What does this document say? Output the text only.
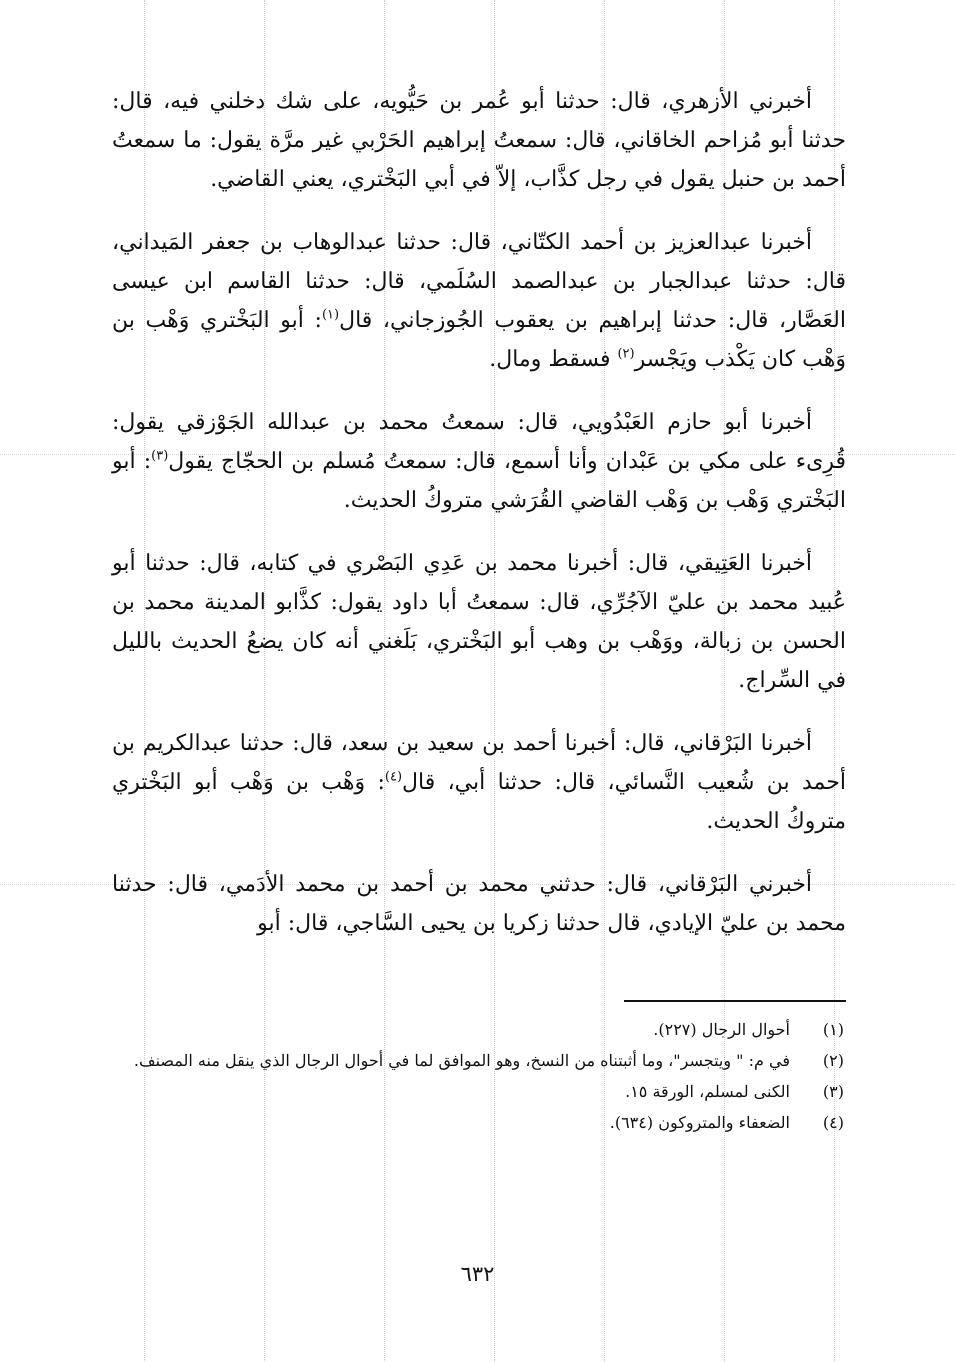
أخبرني الأزهري، قال: حدثنا أبو عُمر بن حَيُّويه، على شك دخلني فيه، قال: حدثنا أبو مُزاحم الخاقاني، قال: سمعتُ إبراهيم الحَرْبي غير مرَّة يقول: ما سمعتُ أحمد بن حنبل يقول في رجل كذَّاب، إلاّ في أبي البَخْتري، يعني القاضي.

أخبرنا عبدالعزيز بن أحمد الكتّاني، قال: حدثنا عبدالوهاب بن جعفر المَيداني، قال: حدثنا عبدالجبار بن عبدالصمد السُلَمي، قال: حدثنا القاسم ابن عيسى العَصَّار، قال: حدثنا إبراهيم بن يعقوب الجُوزجاني، قال$^{(١)}$: أبو البَخْتري وَهْب بن وَهْب كان يَكْذب ويَجْسر$^{(٢)}$ فسقط ومال.

أخبرنا أبو حازم العَبْدُويي، قال: سمعتُ محمد بن عبدالله الجَوْزقي يقول: قُرِىء على مكي بن عَبْدان وأنا أسمع، قال: سمعتُ مُسلم بن الحجّاج يقول$^{(٣)}$: أبو البَخْتري وَهْب بن وَهْب القاضي القُرَشي متروكُ الحديث.

أخبرنا العَتِيقي، قال: أخبرنا محمد بن عَدِي البَصْري في كتابه، قال: حدثنا أبو عُبيد محمد بن عليّ الآجُرِّي، قال: سمعتُ أبا داود يقول: كذَّابو المدينة محمد بن الحسن بن زبالة، ووَهْب بن وهب أبو البَخْتري، بَلَغني أنه كان يضعُ الحديث بالليل في السِّراج.

أخبرنا البَرْقاني، قال: أخبرنا أحمد بن سعيد بن سعد، قال: حدثنا عبدالكريم بن أحمد بن شُعيب النَّسائي، قال: حدثنا أبي، قال$^{(٤)}$: وَهْب بن وَهْب أبو البَخْتري متروكُ الحديث.

أخبرني البَرْقاني، قال: حدثني محمد بن أحمد بن محمد الأدَمي، قال: حدثنا محمد بن عليّ الإيادي، قال حدثنا زكريا بن يحيى السَّاجي، قال: أبو

(١)
أحوال الرجال (٢٢٧).
(٢)
في م: " ويتجسر"، وما أثبتناه من النسخ، وهو الموافق لما في أحوال الرجال الذي ينقل منه المصنف.
(٣)
الكنى لمسلم، الورقة ١٥.
(٤)
الضعفاء والمتروكون (٦٣٤).
٦٣٢
